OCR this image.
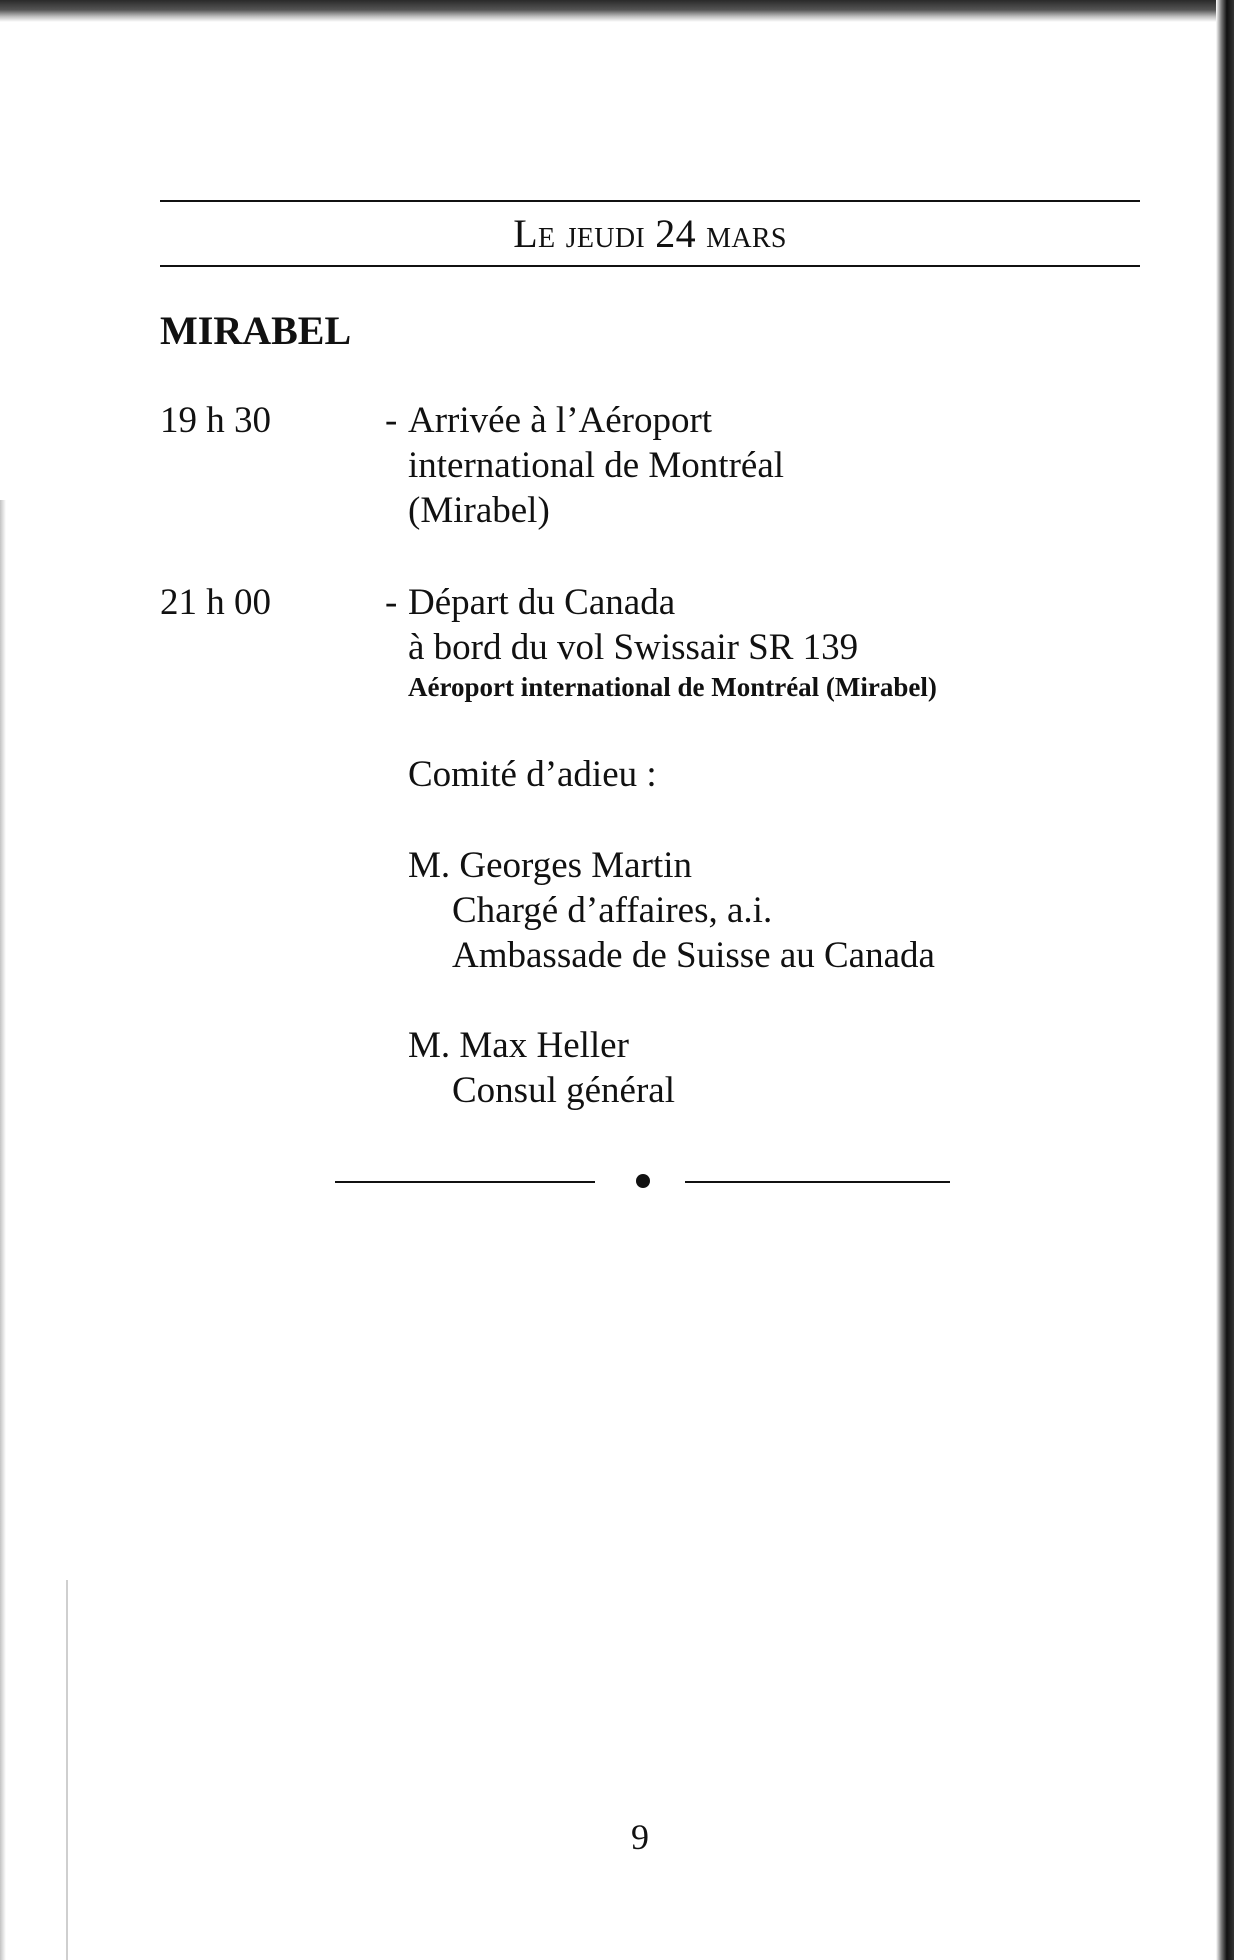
Le jeudi 24 mars
MIRABEL
19 h 30	- Arrivée à l’Aéroport
international de Montréal
(Mirabel)
21 h 00	- Départ du Canada
à bord du vol Swissair SR 139
Aéroport international de Montréal (Mirabel)
Comité d’adieu :
M. Georges Martin
Chargé d’affaires, a.i.
Ambassade de Suisse au Canada
M. Max Heller
Consul général
9
